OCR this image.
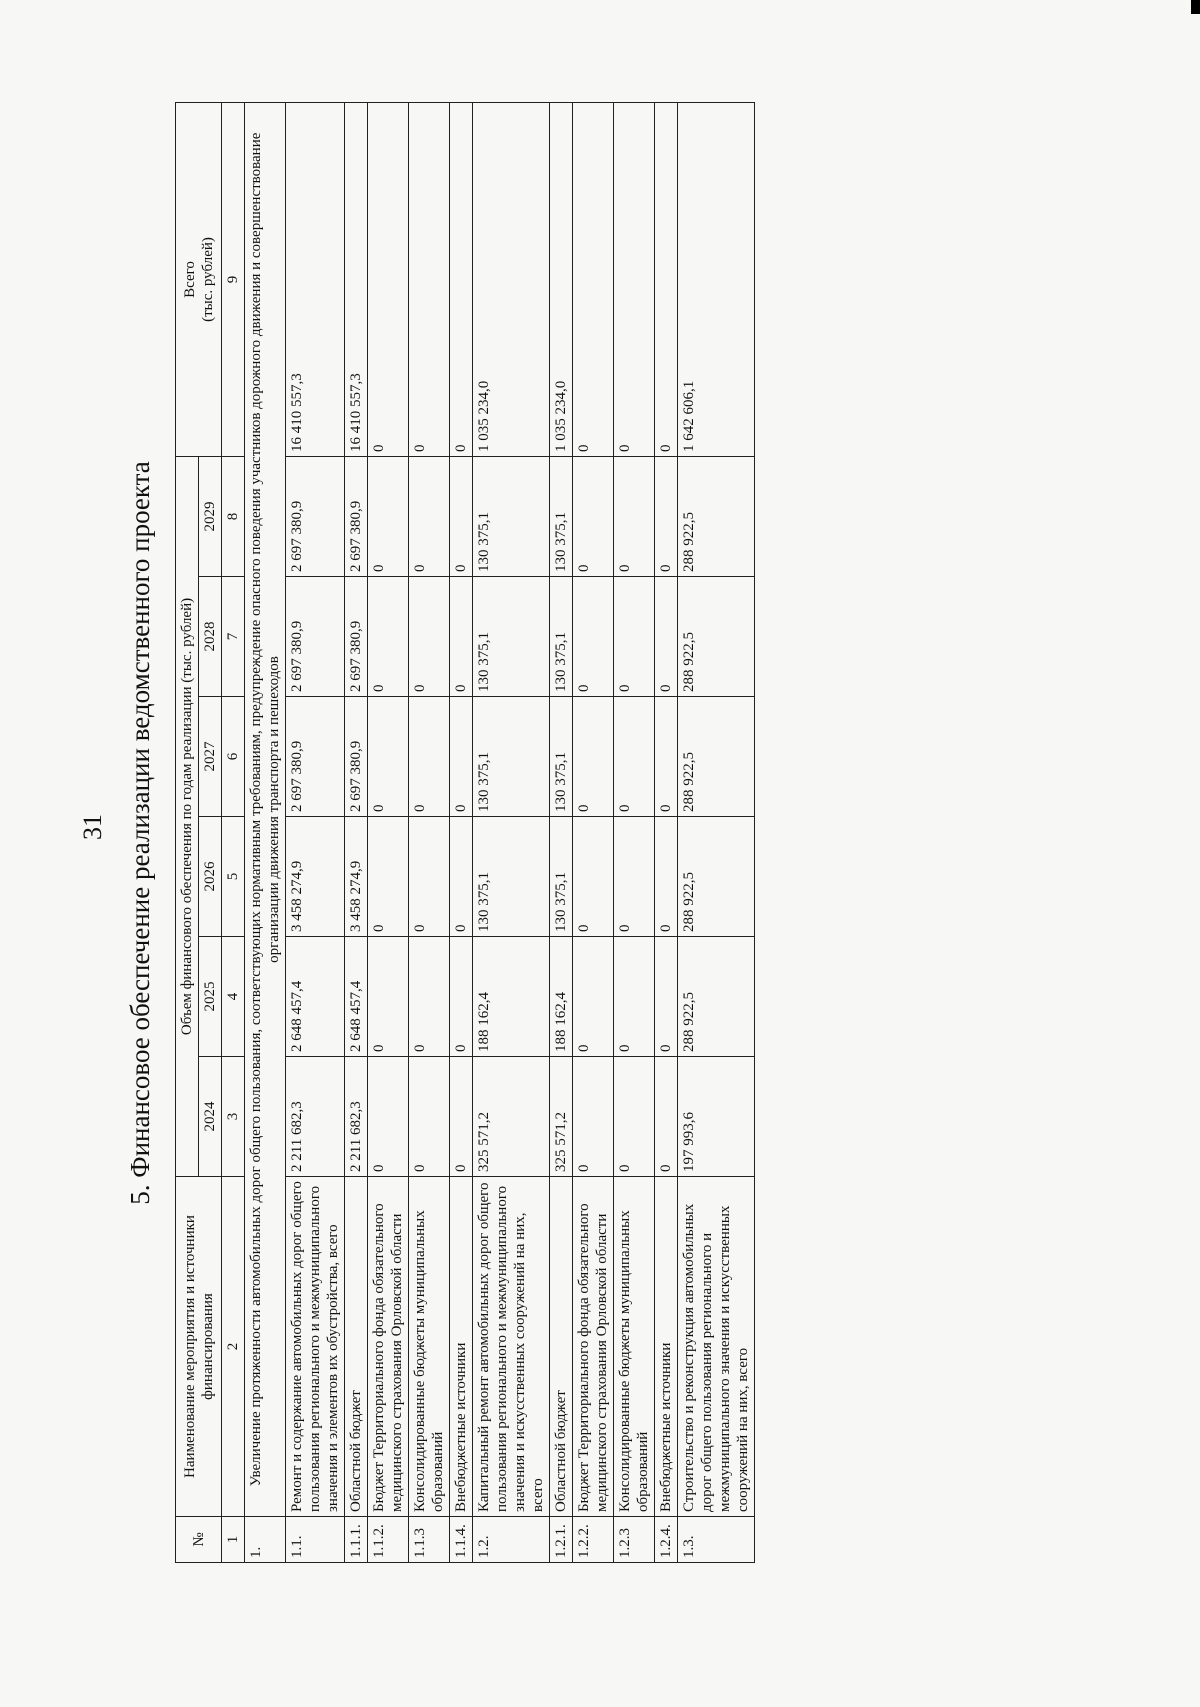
31 5. Финансовое обеспечение реализации ведомственного проекта
№	Наименование мероприятия и источники финансирования	Объем финансового обеспечения по годам реализации (тыс. рублей)						Всего
(тыс. рублей)
		2024	2025	2026	2027	2028	2029	
1	2	3	4	5	6	7	8	9
1.	Увеличение протяженности автомобильных дорог общего пользования, соответствующих нормативным требованиям, предупреждение опасного поведения участников дорожного движения и совершенствование организации движения транспорта и пешеходов							
1.1.	Ремонт и содержание автомобильных дорог общего пользования регионального и межмуниципального значения и элементов их обустройства, всего	2 211 682,3	2 648 457,4	3 458 274,9	2 697 380,9	2 697 380,9	2 697 380,9	16 410 557,3
1.1.1.	Областной бюджет	2 211 682,3	2 648 457,4	3 458 274,9	2 697 380,9	2 697 380,9	2 697 380,9	16 410 557,3
1.1.2.	Бюджет Территориального фонда обязательного медицинского страхования Орловской области	0	0	0	0	0	0	0
1.1.3	Консолидированные бюджеты муниципальных образований	0	0	0	0	0	0	0
1.1.4.	Внебюджетные источники	0	0	0	0	0	0	0
1.2.	Капитальный ремонт автомобильных дорог общего пользования регионального и межмуниципального значения и искусственных сооружений на них, всего	325 571,2	188 162,4	130 375,1	130 375,1	130 375,1	130 375,1	1 035 234,0
1.2.1.	Областной бюджет	325 571,2	188 162,4	130 375,1	130 375,1	130 375,1	130 375,1	1 035 234,0
1.2.2.	Бюджет Территориального фонда обязательного медицинского страхования Орловской области	0	0	0	0	0	0	0
1.2.3	Консолидированные бюджеты муниципальных образований	0	0	0	0	0	0	0
1.2.4.	Внебюджетные источники	0	0	0	0	0	0	0
1.3.	Строительство и реконструкция автомобильных дорог общего пользования регионального и межмуниципального значения и искусственных сооружений на них, всего	197 993,6	288 922,5	288 922,5	288 922,5	288 922,5	288 922,5	1 642 606,1
